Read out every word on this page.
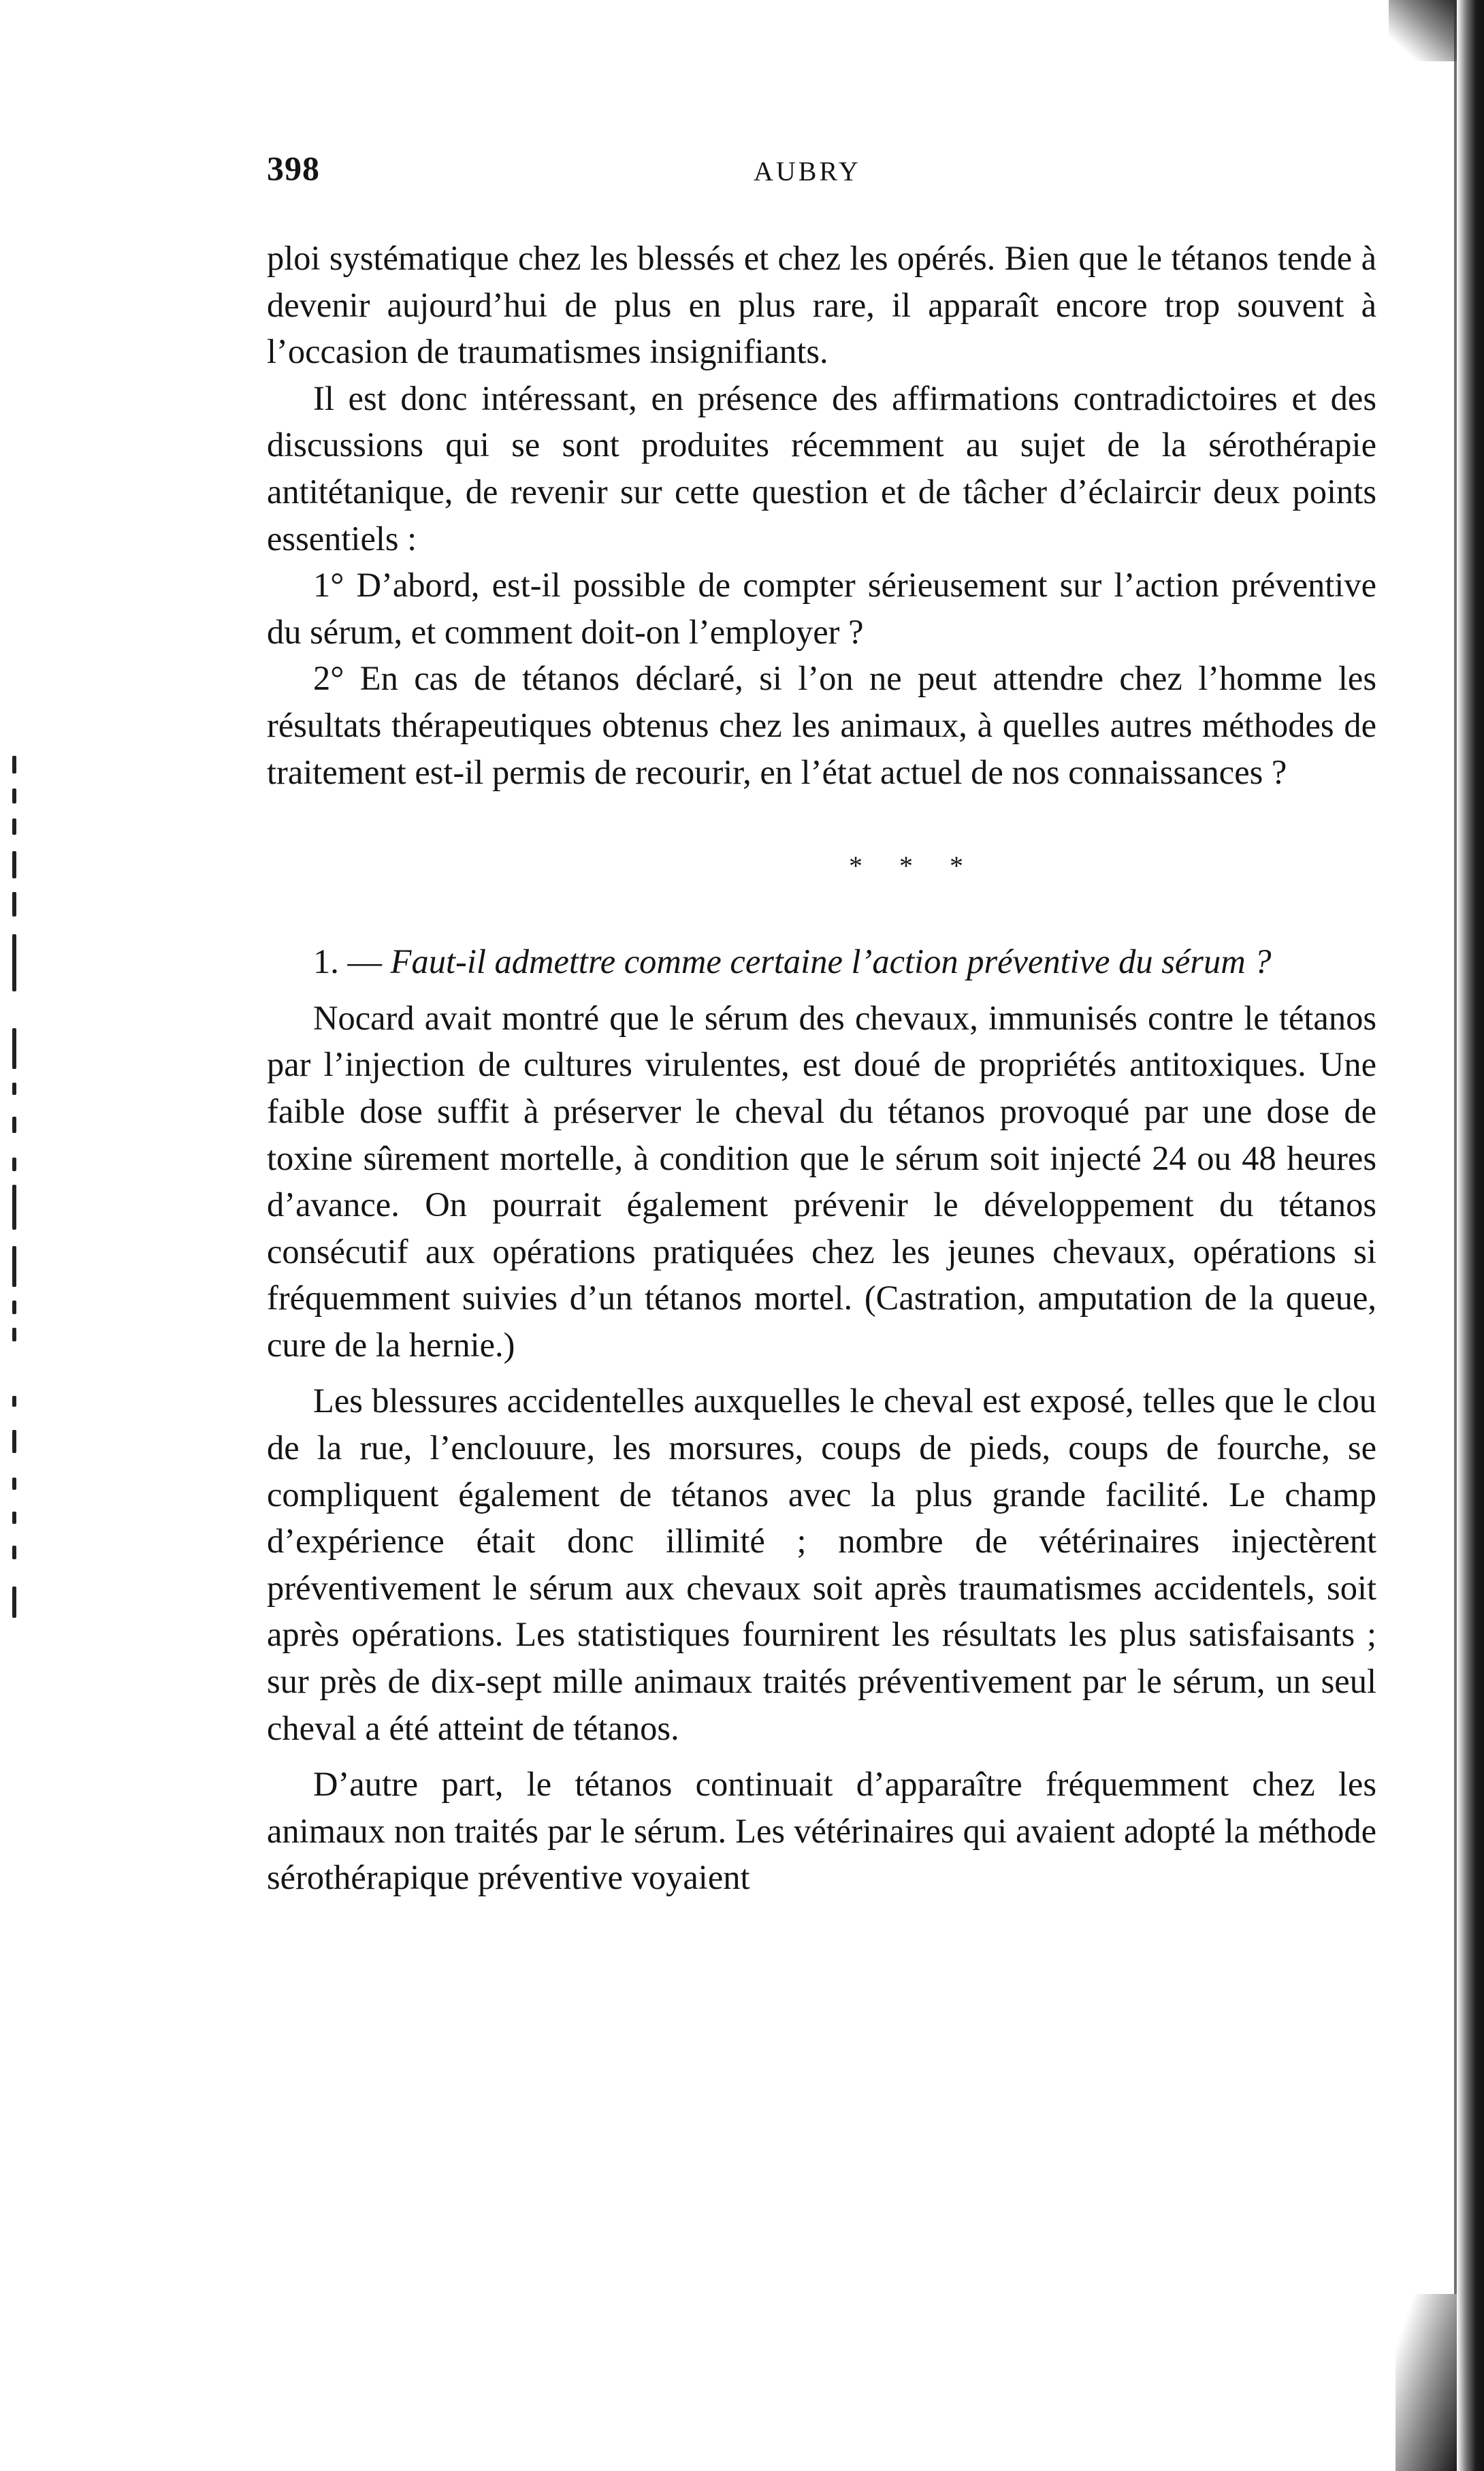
398	AUBRY

ploi systématique chez les blessés et chez les opérés. Bien que le tétanos tende à devenir aujourd’hui de plus en plus rare, il apparaît encore trop souvent à l’occasion de traumatismes insignifiants.

Il est donc intéressant, en présence des affirmations contradictoires et des discussions qui se sont produites récemment au sujet de la sérothérapie antitétanique, de revenir sur cette question et de tâcher d’éclaircir deux points essentiels :

1° D’abord, est-il possible de compter sérieusement sur l’action préventive du sérum, et comment doit-on l’employer ?

2° En cas de tétanos déclaré, si l’on ne peut attendre chez l’homme les résultats thérapeutiques obtenus chez les animaux, à quelles autres méthodes de traitement est-il permis de recourir, en l’état actuel de nos connaissances ?

* * *

1. — Faut-il admettre comme certaine l’action préventive du sérum ?

Nocard avait montré que le sérum des chevaux, immunisés contre le tétanos par l’injection de cultures virulentes, est doué de propriétés antitoxiques. Une faible dose suffit à préserver le cheval du tétanos provoqué par une dose de toxine sûrement mortelle, à condition que le sérum soit injecté 24 ou 48 heures d’avance. On pourrait également prévenir le développement du tétanos consécutif aux opérations pratiquées chez les jeunes chevaux, opérations si fréquemment suivies d’un tétanos mortel. (Castration, amputation de la queue, cure de la hernie.)

Les blessures accidentelles auxquelles le cheval est exposé, telles que le clou de la rue, l’enclouure, les morsures, coups de pieds, coups de fourche, se compliquent également de tétanos avec la plus grande facilité. Le champ d’expérience était donc illimité ; nombre de vétérinaires injectèrent préventivement le sérum aux chevaux soit après traumatismes accidentels, soit après opérations. Les statistiques fournirent les résultats les plus satisfaisants ; sur près de dix-sept mille animaux traités préventivement par le sérum, un seul cheval a été atteint de tétanos.

D’autre part, le tétanos continuait d’apparaître fréquemment chez les animaux non traités par le sérum. Les vétérinaires qui avaient adopté la méthode sérothérapique préventive voyaient
